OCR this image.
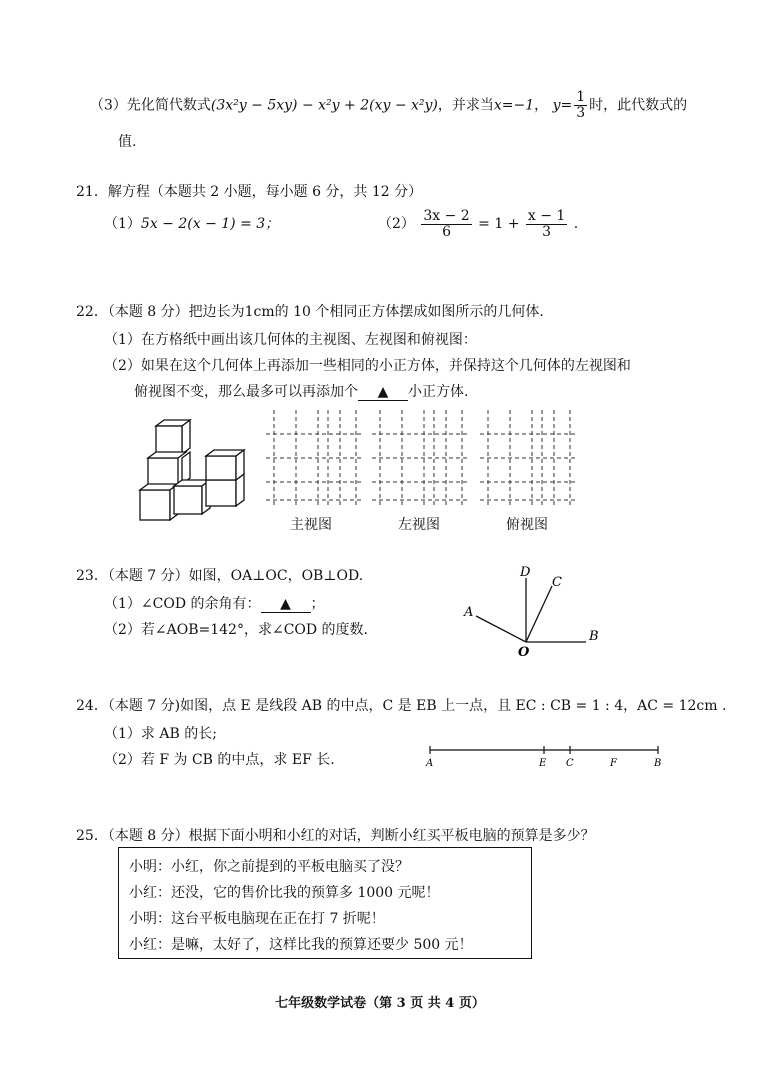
（3）先化简代数式(3x²y − 5xy) − x²y + 2(xy − x²y)，并求当x=−1， $y= \frac{1}{3}$ 时，此代数式的
值.
21．解方程（本题共 2 小题，每小题 6 分，共 12 分）
（1）5x − 2(x − 1) = 3；	$(2) \frac{3x - 2}{6} = 1 + \frac{x - 1}{3}$ .
22．（本题 8 分）把边长为1cm的 10 个相同正方体摆成如图所示的几何体.
（1）在方格纸中画出该几何体的主视图、左视图和俯视图：
（2）如果在这个几何体上再添加一些相同的小正方体，并保持这个几何体的左视图和
俯视图不变，那么最多可以再添加个 ▲ 小正方体.
主视图	左视图	俯视图
23．（本题 7 分）如图，OA⊥OC，OB⊥OD.
（1）∠COD 的余角有： ▲ ；
（2）若∠AOB=142°，求∠COD 的度数.
D
C
A
B
O
24．（本题 7 分)如图，点 E 是线段 AB 的中点，C 是 EB 上一点，且 EC : CB = 1 : 4，AC = 12cm .
（1）求 AB 的长;
（2）若 F 为 CB 的中点，求 EF 长.	A	E C	F	B
25．（本题 8 分）根据下面小明和小红的对话，判断小红买平板电脑的预算是多少？
小明：小红，你之前提到的平板电脑买了没？
小红：还没，它的售价比我的预算多 1000 元呢！
小明：这台平板电脑现在正在打 7 折呢！
小红：是嘛，太好了，这样比我的预算还要少 500 元！
七年级数学试卷（第 3 页 共 4 页）
